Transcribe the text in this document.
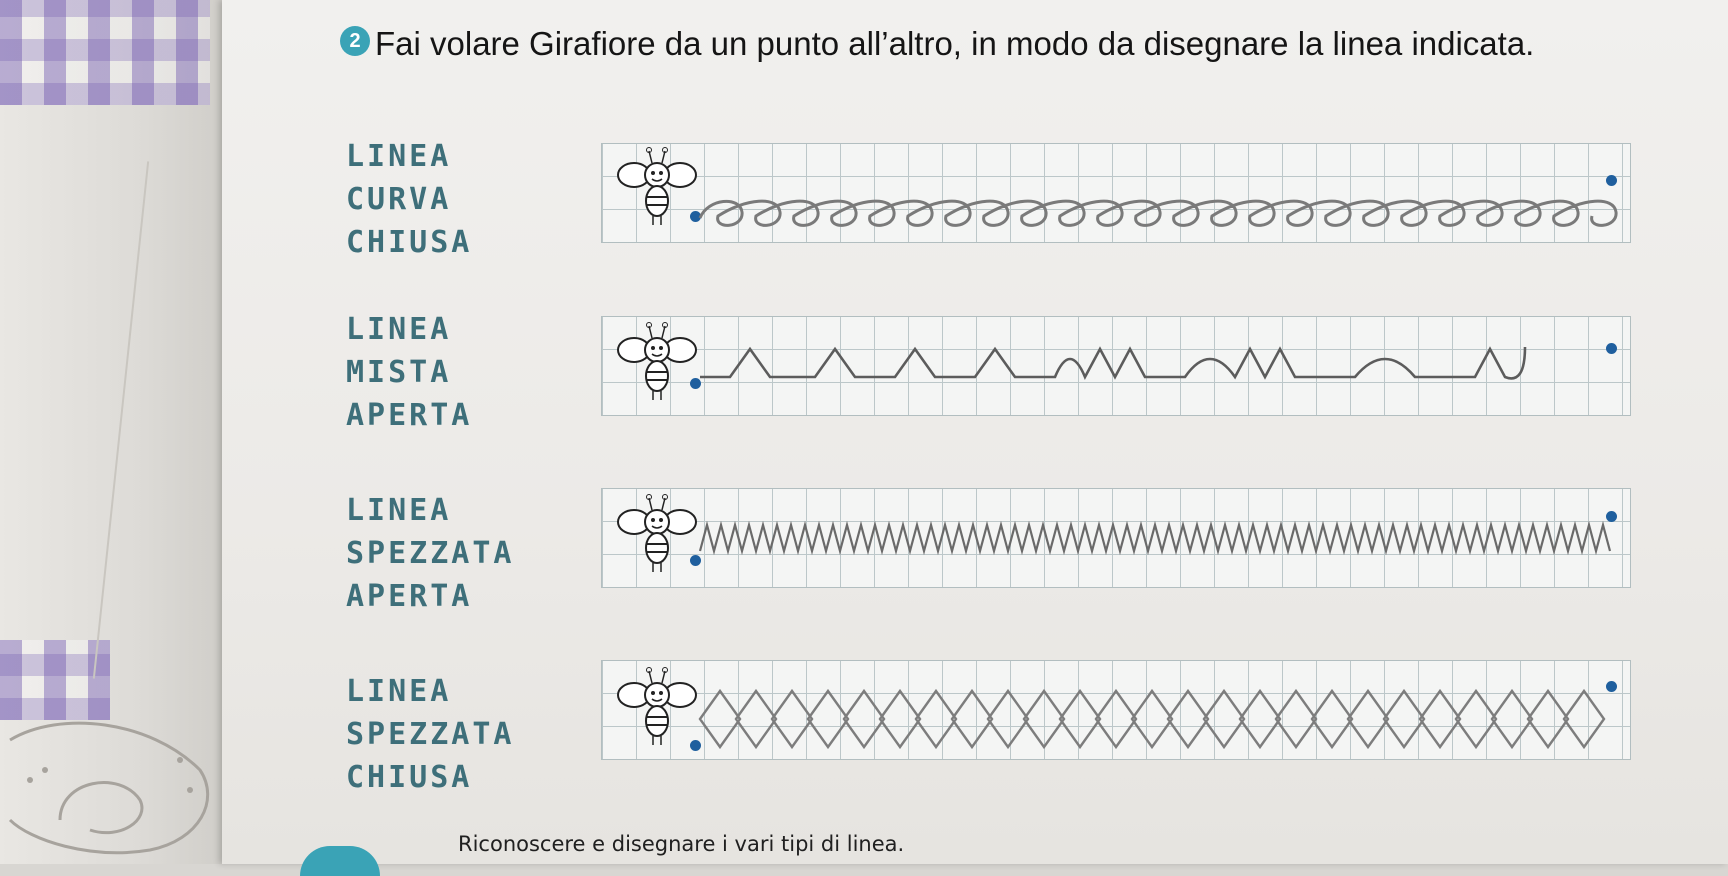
2 Fai volare Girafiore da un punto all’altro, in modo da disegnare la linea indicata.
LINEA
CURVA
CHIUSA
LINEA
MISTA
APERTA
LINEA
SPEZZATA
APERTA
LINEA
SPEZZATA
CHIUSA
Riconoscere e disegnare i vari tipi di linea.
